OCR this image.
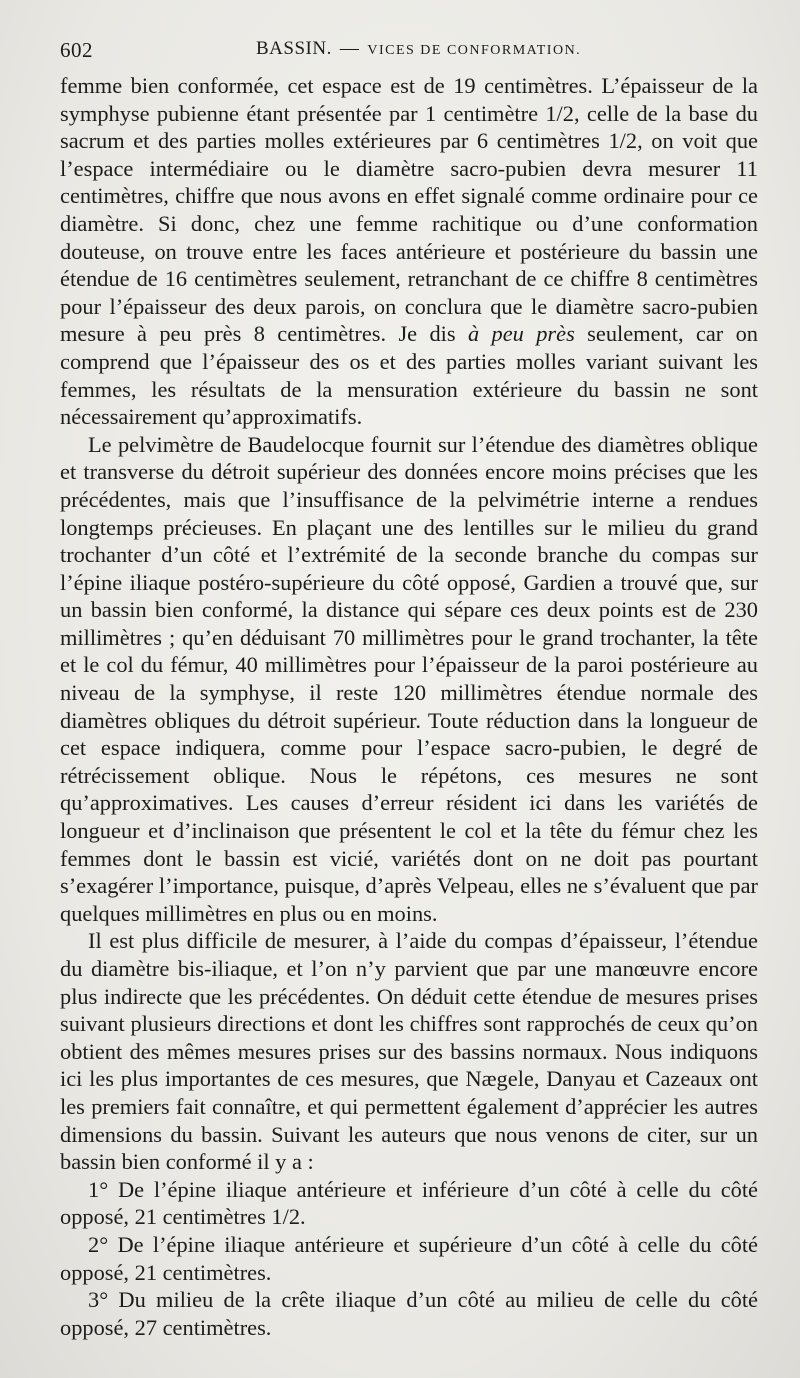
602	BASSIN. — VICES DE CONFORMATION.

femme bien conformée, cet espace est de 19 centimètres. L’épaisseur de la symphyse pubienne étant présentée par 1 centimètre 1/2, celle de la base du sacrum et des parties molles extérieures par 6 centimètres 1/2, on voit que l’espace intermédiaire ou le diamètre sacro-pubien devra mesurer 11 centimètres, chiffre que nous avons en effet signalé comme ordinaire pour ce diamètre. Si donc, chez une femme rachitique ou d’une conformation douteuse, on trouve entre les faces antérieure et postérieure du bassin une étendue de 16 centimètres seulement, retranchant de ce chiffre 8 centimètres pour l’épaisseur des deux parois, on conclura que le diamètre sacro-pubien mesure à peu près 8 centimètres. Je dis à peu près seulement, car on comprend que l’épaisseur des os et des parties molles variant suivant les femmes, les résultats de la mensuration extérieure du bassin ne sont nécessairement qu’approximatifs.

Le pelvimètre de Baudelocque fournit sur l’étendue des diamètres oblique et transverse du détroit supérieur des données encore moins précises que les précédentes, mais que l’insuffisance de la pelvimétrie interne a rendues longtemps précieuses. En plaçant une des lentilles sur le milieu du grand trochanter d’un côté et l’extrémité de la seconde branche du compas sur l’épine iliaque postéro-supérieure du côté opposé, Gardien a trouvé que, sur un bassin bien conformé, la distance qui sépare ces deux points est de 230 millimètres ; qu’en déduisant 70 millimètres pour le grand trochanter, la tête et le col du fémur, 40 millimètres pour l’épaisseur de la paroi postérieure au niveau de la symphyse, il reste 120 millimètres étendue normale des diamètres obliques du détroit supérieur. Toute réduction dans la longueur de cet espace indiquera, comme pour l’espace sacro-pubien, le degré de rétrécissement oblique. Nous le répétons, ces mesures ne sont qu’approximatives. Les causes d’erreur résident ici dans les variétés de longueur et d’inclinaison que présentent le col et la tête du fémur chez les femmes dont le bassin est vicié, variétés dont on ne doit pas pourtant s’exagérer l’importance, puisque, d’après Velpeau, elles ne s’évaluent que par quelques millimètres en plus ou en moins.

Il est plus difficile de mesurer, à l’aide du compas d’épaisseur, l’étendue du diamètre bis-iliaque, et l’on n’y parvient que par une manœuvre encore plus indirecte que les précédentes. On déduit cette étendue de mesures prises suivant plusieurs directions et dont les chiffres sont rapprochés de ceux qu’on obtient des mêmes mesures prises sur des bassins normaux. Nous indiquons ici les plus importantes de ces mesures, que Nægele, Danyau et Cazeaux ont les premiers fait connaître, et qui permettent également d’apprécier les autres dimensions du bassin. Suivant les auteurs que nous venons de citer, sur un bassin bien conformé il y a :

1° De l’épine iliaque antérieure et inférieure d’un côté à celle du côté opposé, 21 centimètres 1/2.

2° De l’épine iliaque antérieure et supérieure d’un côté à celle du côté opposé, 21 centimètres.

3° Du milieu de la crête iliaque d’un côté au milieu de celle du côté opposé, 27 centimètres.
